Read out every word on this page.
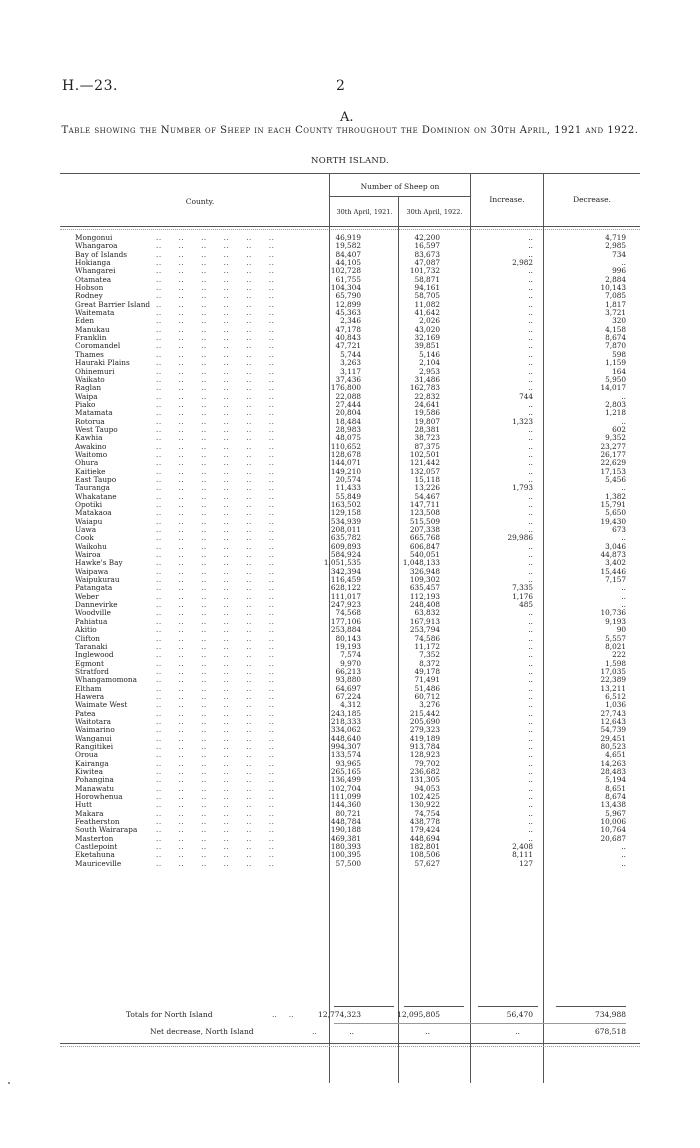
H.—23.	2
A.
Table showing the Number of Sheep in each County throughout the Dominion on 30th April, 1921 and 1922.
NORTH ISLAND.
County.
Number of Sheep on
30th April, 1921.	30th April, 1922.
Increase.	Decrease.
Mongonui	46,919	42,200	..	4,719
..      ..      ..      ..      ..      ..
Whangaroa	19,582	16,597	..	2,985
..      ..      ..      ..      ..      ..
Bay of Islands	84,407	83,673	..	734
..      ..      ..      ..      ..      ..
Hokianga	44,105	47,087	2,982	..
..      ..      ..      ..      ..      ..
Whangarei	102,728	101,732	..	996
..      ..      ..      ..      ..      ..
Otamatea	61,755	58,871	..	2,884
..      ..      ..      ..      ..      ..
Hobson	104,304	94,161	..	10,143
..      ..      ..      ..      ..      ..
Rodney	65,790	58,705	..	7,085
..      ..      ..      ..      ..      ..
Great Barrier Island	12,899	11,082	..	1,817
..      ..      ..      ..      ..      ..
Waitemata	45,363	41,642	..	3,721
..      ..      ..      ..      ..      ..
Eden	2,346	2,026	..	320
..      ..      ..      ..      ..      ..
Manukau	47,178	43,020	..	4,158
..      ..      ..      ..      ..      ..
Franklin	40,843	32,169	..	8,674
..      ..      ..      ..      ..      ..
Coromandel	47,721	39,851	..	7,870
..      ..      ..      ..      ..      ..
Thames	5,744	5,146	..	598
..      ..      ..      ..      ..      ..
Hauraki Plains	3,263	2,104	..	1,159
..      ..      ..      ..      ..      ..
Ohinemuri	3,117	2,953	..	164
..      ..      ..      ..      ..      ..
Waikato	37,436	31,486	..	5,950
..      ..      ..      ..      ..      ..
Raglan	176,800	162,783	..	14,017
..      ..      ..      ..      ..      ..
Waipa	22,088	22,832	744	..
..      ..      ..      ..      ..      ..
Piako	27,444	24,641	..	2,803
..      ..      ..      ..      ..      ..
Matamata	20,804	19,586	..	1,218
..      ..      ..      ..      ..      ..
Rotorua	18,484	19,807	1,323	..
..      ..      ..      ..      ..      ..
West Taupo	28,983	28,381	..	602
..      ..      ..      ..      ..      ..
Kawhia	48,075	38,723	..	9,352
..      ..      ..      ..      ..      ..
Awakino	110,652	87,375	..	23,277
..      ..      ..      ..      ..      ..
Waitomo	128,678	102,501	..	26,177
..      ..      ..      ..      ..      ..
Ohura	144,071	121,442	..	22,629
..      ..      ..      ..      ..      ..
Kaitieke	149,210	132,057	..	17,153
..      ..      ..      ..      ..      ..
East Taupo	20,574	15,118	..	5,456
..      ..      ..      ..      ..      ..
Tauranga	11,433	13,226	1,793	..
..      ..      ..      ..      ..      ..
Whakatane	55,849	54,467	..	1,382
..      ..      ..      ..      ..      ..
Opotiki	163,502	147,711	..	15,791
..      ..      ..      ..      ..      ..
Matakaoa	129,158	123,508	..	5,650
..      ..      ..      ..      ..      ..
Waiapu	534,939	515,509	..	19,430
..      ..      ..      ..      ..      ..
Uawa	208,011	207,338	..	673
..      ..      ..      ..      ..      ..
Cook	635,782	665,768	29,986	..
..      ..      ..      ..      ..      ..
Waikohu	609,893	606,847	..	3,046
..      ..      ..      ..      ..      ..
Wairoa	584,924	540,051	..	44,873
..      ..      ..      ..      ..      ..
Hawke's Bay	1,051,535	1,048,133	..	3,402
..      ..      ..      ..      ..      ..
Waipawa	342,394	326,948	..	15,446
..      ..      ..      ..      ..      ..
Waipukurau	116,459	109,302	..	7,157
..      ..      ..      ..      ..      ..
Patangata	628,122	635,457	7,335	..
..      ..      ..      ..      ..      ..
Weber	111,017	112,193	1,176	..
..      ..      ..      ..      ..      ..
Dannevirke	247,923	248,408	485	..
..      ..      ..      ..      ..      ..
Woodville	74,568	63,832	..	10,736
..      ..      ..      ..      ..      ..
Pahiatua	177,106	167,913	..	9,193
..      ..      ..      ..      ..      ..
Akitio	253,884	253,794	..	90
..      ..      ..      ..      ..      ..
Clifton	80,143	74,586	..	5,557
..      ..      ..      ..      ..      ..
Taranaki	19,193	11,172	..	8,021
..      ..      ..      ..      ..      ..
Inglewood	7,574	7,352	..	222
..      ..      ..      ..      ..      ..
Egmont	9,970	8,372	..	1,598
..      ..      ..      ..      ..      ..
Stratford	66,213	49,178	..	17,035
..      ..      ..      ..      ..      ..
Whangamomona	93,880	71,491	..	22,389
..      ..      ..      ..      ..      ..
Eltham	64,697	51,486	..	13,211
..      ..      ..      ..      ..      ..
Hawera	67,224	60,712	..	6,512
..      ..      ..      ..      ..      ..
Waimate West	4,312	3,276	..	1,036
..      ..      ..      ..      ..      ..
Patea	243,185	215,442	..	27,743
..      ..      ..      ..      ..      ..
Waitotara	218,333	205,690	..	12,643
..      ..      ..      ..      ..      ..
Waimarino	334,062	279,323	..	54,739
..      ..      ..      ..      ..      ..
Wanganui	448,640	419,189	..	29,451
..      ..      ..      ..      ..      ..
Rangitikei	994,307	913,784	..	80,523
..      ..      ..      ..      ..      ..
Oroua	133,574	128,923	..	4,651
..      ..      ..      ..      ..      ..
Kairanga	93,965	79,702	..	14,263
..      ..      ..      ..      ..      ..
Kiwitea	265,165	236,682	..	28,483
..      ..      ..      ..      ..      ..
Pohangina	136,499	131,305	..	5,194
..      ..      ..      ..      ..      ..
Manawatu	102,704	94,053	..	8,651
..      ..      ..      ..      ..      ..
Horowhenua	111,099	102,425	..	8,674
..      ..      ..      ..      ..      ..
Hutt	144,360	130,922	..	13,438
..      ..      ..      ..      ..      ..
Makara	80,721	74,754	..	5,967
..      ..      ..      ..      ..      ..
Featherston	448,784	438,778	..	10,006
..      ..      ..      ..      ..      ..
South Wairarapa	190,188	179,424	..	10,764
..      ..      ..      ..      ..      ..
Masterton	469,381	448,694	..	20,687
..      ..      ..      ..      ..      ..
Castlepoint	180,393	182,801	2,408	..
..      ..      ..      ..      ..      ..
Eketahuna	100,395	108,506	8,111	..
..      ..      ..      ..      ..      ..
Mauriceville	57,500	57,627	127	..
..      ..      ..      ..      ..      ..
Totals for North Island	..     ..	12,774,323	12,095,805	56,470	734,988
Net decrease, North Island	..	..	..	..	678,518
